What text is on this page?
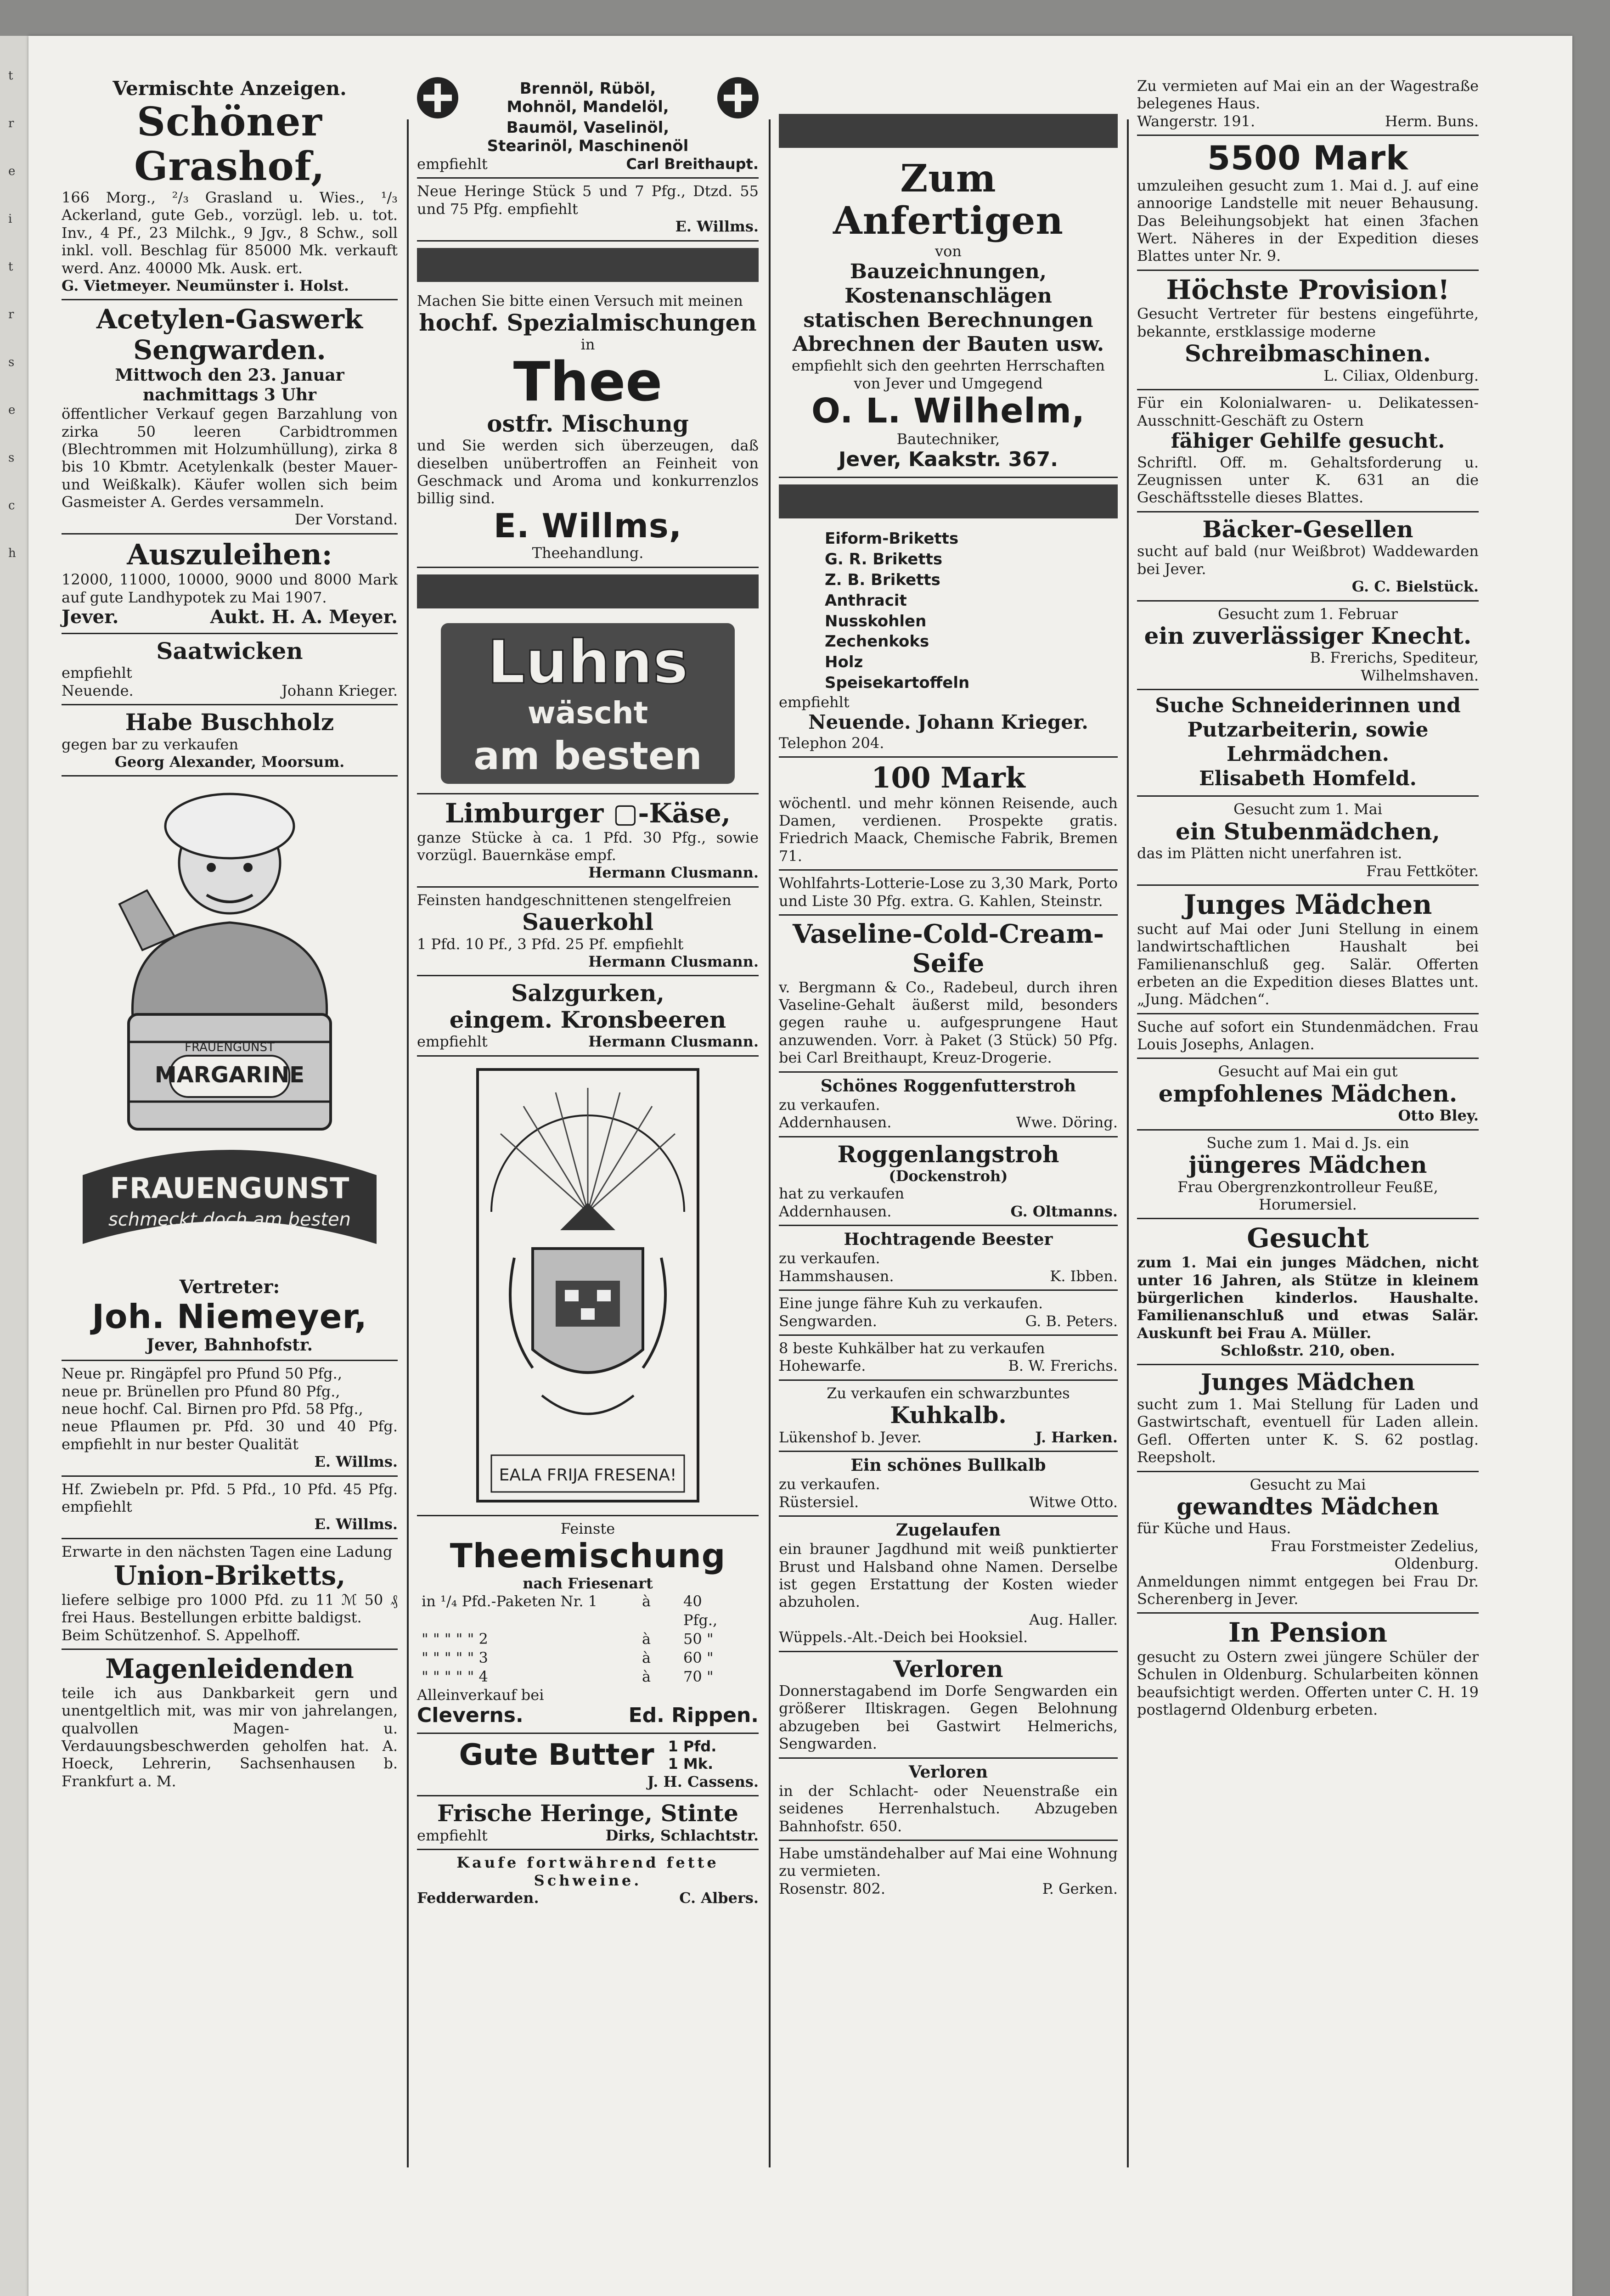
t
r
e
i
t
r
s
e
s
c
h
Vermischte Anzeigen.
Schöner Grashof,
166 Morg., ²/₃ Grasland u. Wies., ¹/₃ Ackerland, gute Geb., vorzügl. leb. u. tot. Inv., 4 Pf., 23 Milchk., 9 Jgv., 8 Schw., soll inkl. voll. Beschlag für 85000 Mk. verkauft werd. Anz. 40000 Mk. Ausk. ert.
G. Vietmeyer. Neumünster i. Holst.
Acetylen-Gaswerk Sengwarden.
Mittwoch den 23. Januar nachmittags 3 Uhr
öffentlicher Verkauf gegen Barzahlung von zirka 50 leeren Carbidtrommen (Blechtrommen mit Holzumhüllung), zirka 8 bis 10 Kbmtr. Acetylenkalk (bester Mauer- und Weißkalk). Käufer wollen sich beim Gasmeister A. Gerdes versammeln.
Der Vorstand.
Auszuleihen:
12000, 11000, 10000, 9000 und 8000 Mark auf gute Landhypotek zu Mai 1907.
Jever.	Aukt. H. A. Meyer.
Saatwicken
empfiehlt
Neuende.	Johann Krieger.
Habe Buschholz
gegen bar zu verkaufen
Georg Alexander, Moorsum.
FRAUENGUNST
MARGARINE
FRAUENGUNST
schmeckt doch am besten
Vertreter:
Joh. Niemeyer,
Jever, Bahnhofstr.
Neue pr. Ringäpfel pro Pfund 50 Pfg.,
neue pr. Brünellen pro Pfund 80 Pfg.,
neue hochf. Cal. Birnen pro Pfd. 58 Pfg.,
neue Pflaumen pr. Pfd. 30 und 40 Pfg. empfiehlt in nur bester Qualität
E. Willms.
Hf. Zwiebeln pr. Pfd. 5 Pfd., 10 Pfd. 45 Pfg. empfiehlt
E. Willms.
Erwarte in den nächsten Tagen eine Ladung
Union-Briketts,
liefere selbige pro 1000 Pfd. zu 11 ℳ 50 ₰ frei Haus. Bestellungen erbitte baldigst.
Beim Schützenhof. S. Appelhoff.
Magenleidenden
teile ich aus Dankbarkeit gern und unentgeltlich mit, was mir von jahrelangen, qualvollen Magen- u. Verdauungsbeschwerden geholfen hat. A. Hoeck, Lehrerin, Sachsenhausen b. Frankfurt a. M.
Brennöl, Rüböl,
Mohnöl, Mandelöl,
Baumöl, Vaselinöl,
Stearinöl, Maschinenöl
empfiehlt	Carl Breithaupt.
Neue Heringe Stück 5 und 7 Pfg., Dtzd. 55 und 75 Pfg. empfiehlt
E. Willms.
Machen Sie bitte einen Versuch mit meinen
hochf. Spezialmischungen
in
Thee
ostfr. Mischung
und Sie werden sich überzeugen, daß dieselben unübertroffen an Feinheit von Geschmack und Aroma und konkurrenzlos billig sind.
E. Willms,
Theehandlung.
Luhns
wäscht
am besten
Limburger ▢-Käse,
ganze Stücke à ca. 1 Pfd. 30 Pfg., sowie vorzügl. Bauernkäse empf.
Hermann Clusmann.
Feinsten handgeschnittenen stengelfreien
Sauerkohl
1 Pfd. 10 Pf., 3 Pfd. 25 Pf. empfiehlt
Hermann Clusmann.
Salzgurken,
eingem. Kronsbeeren
empfiehlt	Hermann Clusmann.
EALA FRIJA FRESENA!
Feinste
Theemischung
nach Friesenart
in ¹/₄ Pfd.-Paketen Nr. 1	à	40 Pfg.,
" " " " " 2	à	50 "
" " " " " 3	à	60 "
" " " " " 4	à	70 "
Alleinverkauf bei
Cleverns.	Ed. Rippen.
Gute Butter 1 Pfd.
1 Mk.
J. H. Cassens.
Frische Heringe, Stinte
empfiehlt	Dirks, Schlachtstr.
Kaufe fortwährend fette Schweine.
Fedderwarden.	C. Albers.
Zum Anfertigen
von
Bauzeichnungen, Kostenanschlägen
statischen Berechnungen
Abrechnen der Bauten usw.
empfiehlt sich den geehrten Herrschaften von Jever und Umgegend
O. L. Wilhelm,
Bautechniker,
Jever, Kaakstr. 367.
Eiform-Briketts
G. R. Briketts
Z. B. Briketts
Anthracit
Nusskohlen
Zechenkoks
Holz
Speisekartoffeln
empfiehlt
Neuende. Johann Krieger.
Telephon 204.
100 Mark
wöchentl. und mehr können Reisende, auch Damen, verdienen. Prospekte gratis. Friedrich Maack, Chemische Fabrik, Bremen 71.
Wohlfahrts-Lotterie-Lose zu 3,30 Mark, Porto und Liste 30 Pfg. extra. G. Kahlen, Steinstr.
Vaseline-Cold-Cream-Seife
v. Bergmann & Co., Radebeul, durch ihren Vaseline-Gehalt äußerst mild, besonders gegen rauhe u. aufgesprungene Haut anzuwenden. Vorr. à Paket (3 Stück) 50 Pfg. bei Carl Breithaupt, Kreuz-Drogerie.
Schönes Roggenfutterstroh
zu verkaufen.
Addernhausen.	Wwe. Döring.
Roggenlangstroh
(Dockenstroh)
hat zu verkaufen
Addernhausen.	G. Oltmanns.
Hochtragende Beester
zu verkaufen.
Hammshausen.	K. Ibben.
Eine junge fähre Kuh zu verkaufen.
Sengwarden.	G. B. Peters.
8 beste Kuhkälber hat zu verkaufen
Hohewarfe.	B. W. Frerichs.
Zu verkaufen ein schwarzbuntes
Kuhkalb.
Lükenshof b. Jever.	J. Harken.
Ein schönes Bullkalb
zu verkaufen.
Rüstersiel.	Witwe Otto.
Zugelaufen
ein brauner Jagdhund mit weiß punktierter Brust und Halsband ohne Namen. Derselbe ist gegen Erstattung der Kosten wieder abzuholen.
Aug. Haller.
Wüppels.-Alt.-Deich bei Hooksiel.
Verloren
Donnerstagabend im Dorfe Sengwarden ein größerer Iltiskragen. Gegen Belohnung abzugeben bei Gastwirt Helmerichs, Sengwarden.
Verloren
in der Schlacht- oder Neuenstraße ein seidenes Herrenhalstuch. Abzugeben Bahnhofstr. 650.
Habe umständehalber auf Mai eine Wohnung zu vermieten.
Rosenstr. 802.	P. Gerken.
Zu vermieten auf Mai ein an der Wagestraße belegenes Haus.
Wangerstr. 191.	Herm. Buns.
5500 Mark
umzuleihen gesucht zum 1. Mai d. J. auf eine annoorige Landstelle mit neuer Behausung. Das Beleihungsobjekt hat einen 3fachen Wert. Näheres in der Expedition dieses Blattes unter Nr. 9.
Höchste Provision!
Gesucht Vertreter für bestens eingeführte, bekannte, erstklassige moderne
Schreibmaschinen.
L. Ciliax, Oldenburg.
Für ein Kolonialwaren- u. Delikatessen-Ausschnitt-Geschäft zu Ostern
fähiger Gehilfe gesucht.
Schriftl. Off. m. Gehaltsforderung u. Zeugnissen unter K. 631 an die Geschäftsstelle dieses Blattes.
Bäcker-Gesellen
sucht auf bald (nur Weißbrot) Waddewarden bei Jever.
G. C. Bielstück.
Gesucht zum 1. Februar
ein zuverlässiger Knecht.
B. Frerichs, Spediteur,
Wilhelmshaven.
Suche Schneiderinnen und Putzarbeiterin, sowie Lehrmädchen.
Elisabeth Homfeld.
Gesucht zum 1. Mai
ein Stubenmädchen,
das im Plätten nicht unerfahren ist.
Frau Fettköter.
Junges Mädchen
sucht auf Mai oder Juni Stellung in einem landwirtschaftlichen Haushalt bei Familienanschluß geg. Salär. Offerten erbeten an die Expedition dieses Blattes unt. „Jung. Mädchen“.
Suche auf sofort ein Stundenmädchen. Frau Louis Josephs, Anlagen.
Gesucht auf Mai ein gut
empfohlenes Mädchen.
Otto Bley.
Suche zum 1. Mai d. Js. ein
jüngeres Mädchen
Frau Obergrenzkontrolleur FeußE,
Horumersiel.
Gesucht
zum 1. Mai ein junges Mädchen, nicht unter 16 Jahren, als Stütze in kleinem bürgerlichen kinderlos. Haushalte. Familienanschluß und etwas Salär. Auskunft bei Frau A. Müller.
Schloßstr. 210, oben.
Junges Mädchen
sucht zum 1. Mai Stellung für Laden und Gastwirtschaft, eventuell für Laden allein. Gefl. Offerten unter K. S. 62 postlag. Reepsholt.
Gesucht zu Mai
gewandtes Mädchen
für Küche und Haus.
Frau Forstmeister Zedelius,
Oldenburg.
Anmeldungen nimmt entgegen bei Frau Dr. Scherenberg in Jever.
In Pension
gesucht zu Ostern zwei jüngere Schüler der Schulen in Oldenburg. Schularbeiten können beaufsichtigt werden. Offerten unter C. H. 19 postlagernd Oldenburg erbeten.
